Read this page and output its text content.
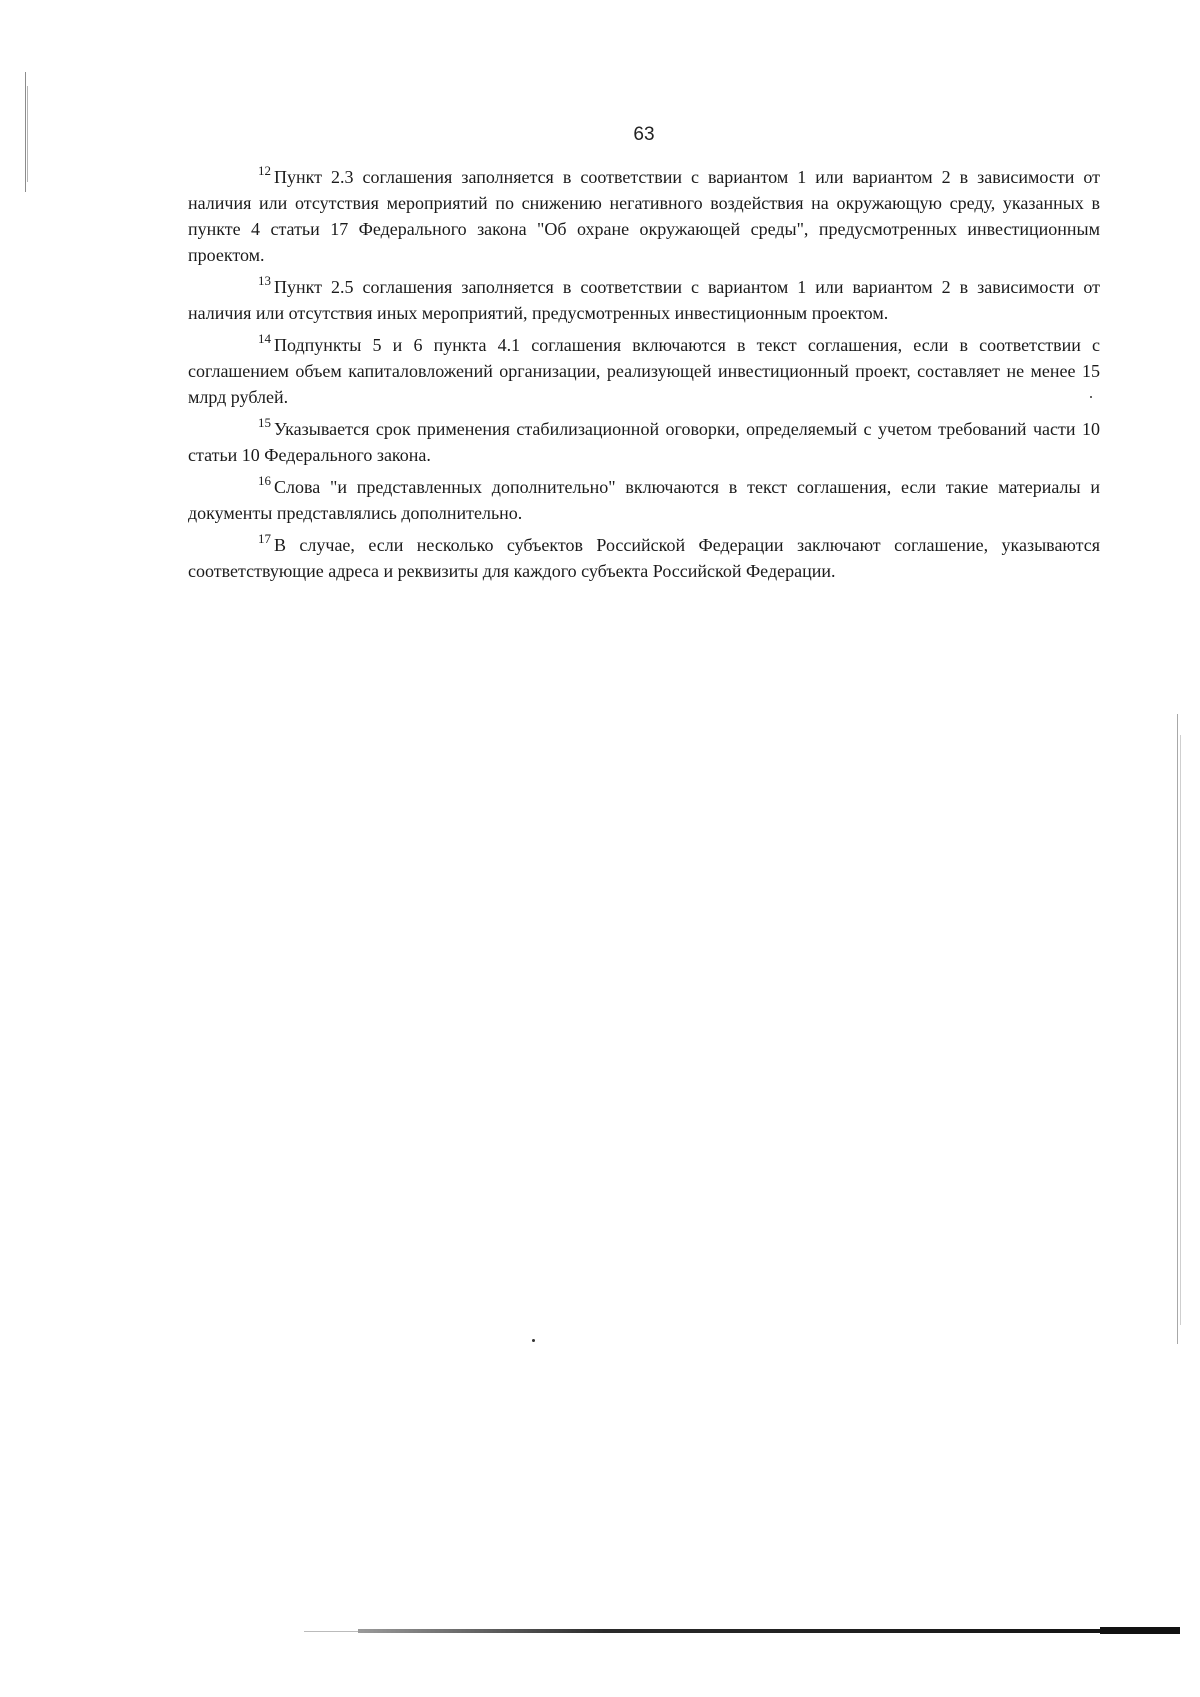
63

$^{12}$ Пункт 2.3 соглашения заполняется в соответствии с вариантом 1 или вариантом 2 в зависимости от наличия или отсутствия мероприятий по снижению негативного воздействия на окружающую среду, указанных в пункте 4 статьи 17 Федерального закона "Об охране окружающей среды", предусмотренных инвестиционным проектом.

$^{13}$ Пункт 2.5 соглашения заполняется в соответствии с вариантом 1 или вариантом 2 в зависимости от наличия или отсутствия иных мероприятий, предусмотренных инвестиционным проектом.

$^{14}$ Подпункты 5 и 6 пункта 4.1 соглашения включаются в текст соглашения, если в соответствии с соглашением объем капиталовложений организации, реализующей инвестиционный проект, составляет не менее 15 млрд рублей.

$^{15}$ Указывается срок применения стабилизационной оговорки, определяемый с учетом требований части 10 статьи 10 Федерального закона.

$^{16}$ Слова "и представленных дополнительно" включаются в текст соглашения, если такие материалы и документы представлялись дополнительно.

$^{17}$ В случае, если несколько субъектов Российской Федерации заключают соглашение, указываются соответствующие адреса и реквизиты для каждого субъекта Российской Федерации.
